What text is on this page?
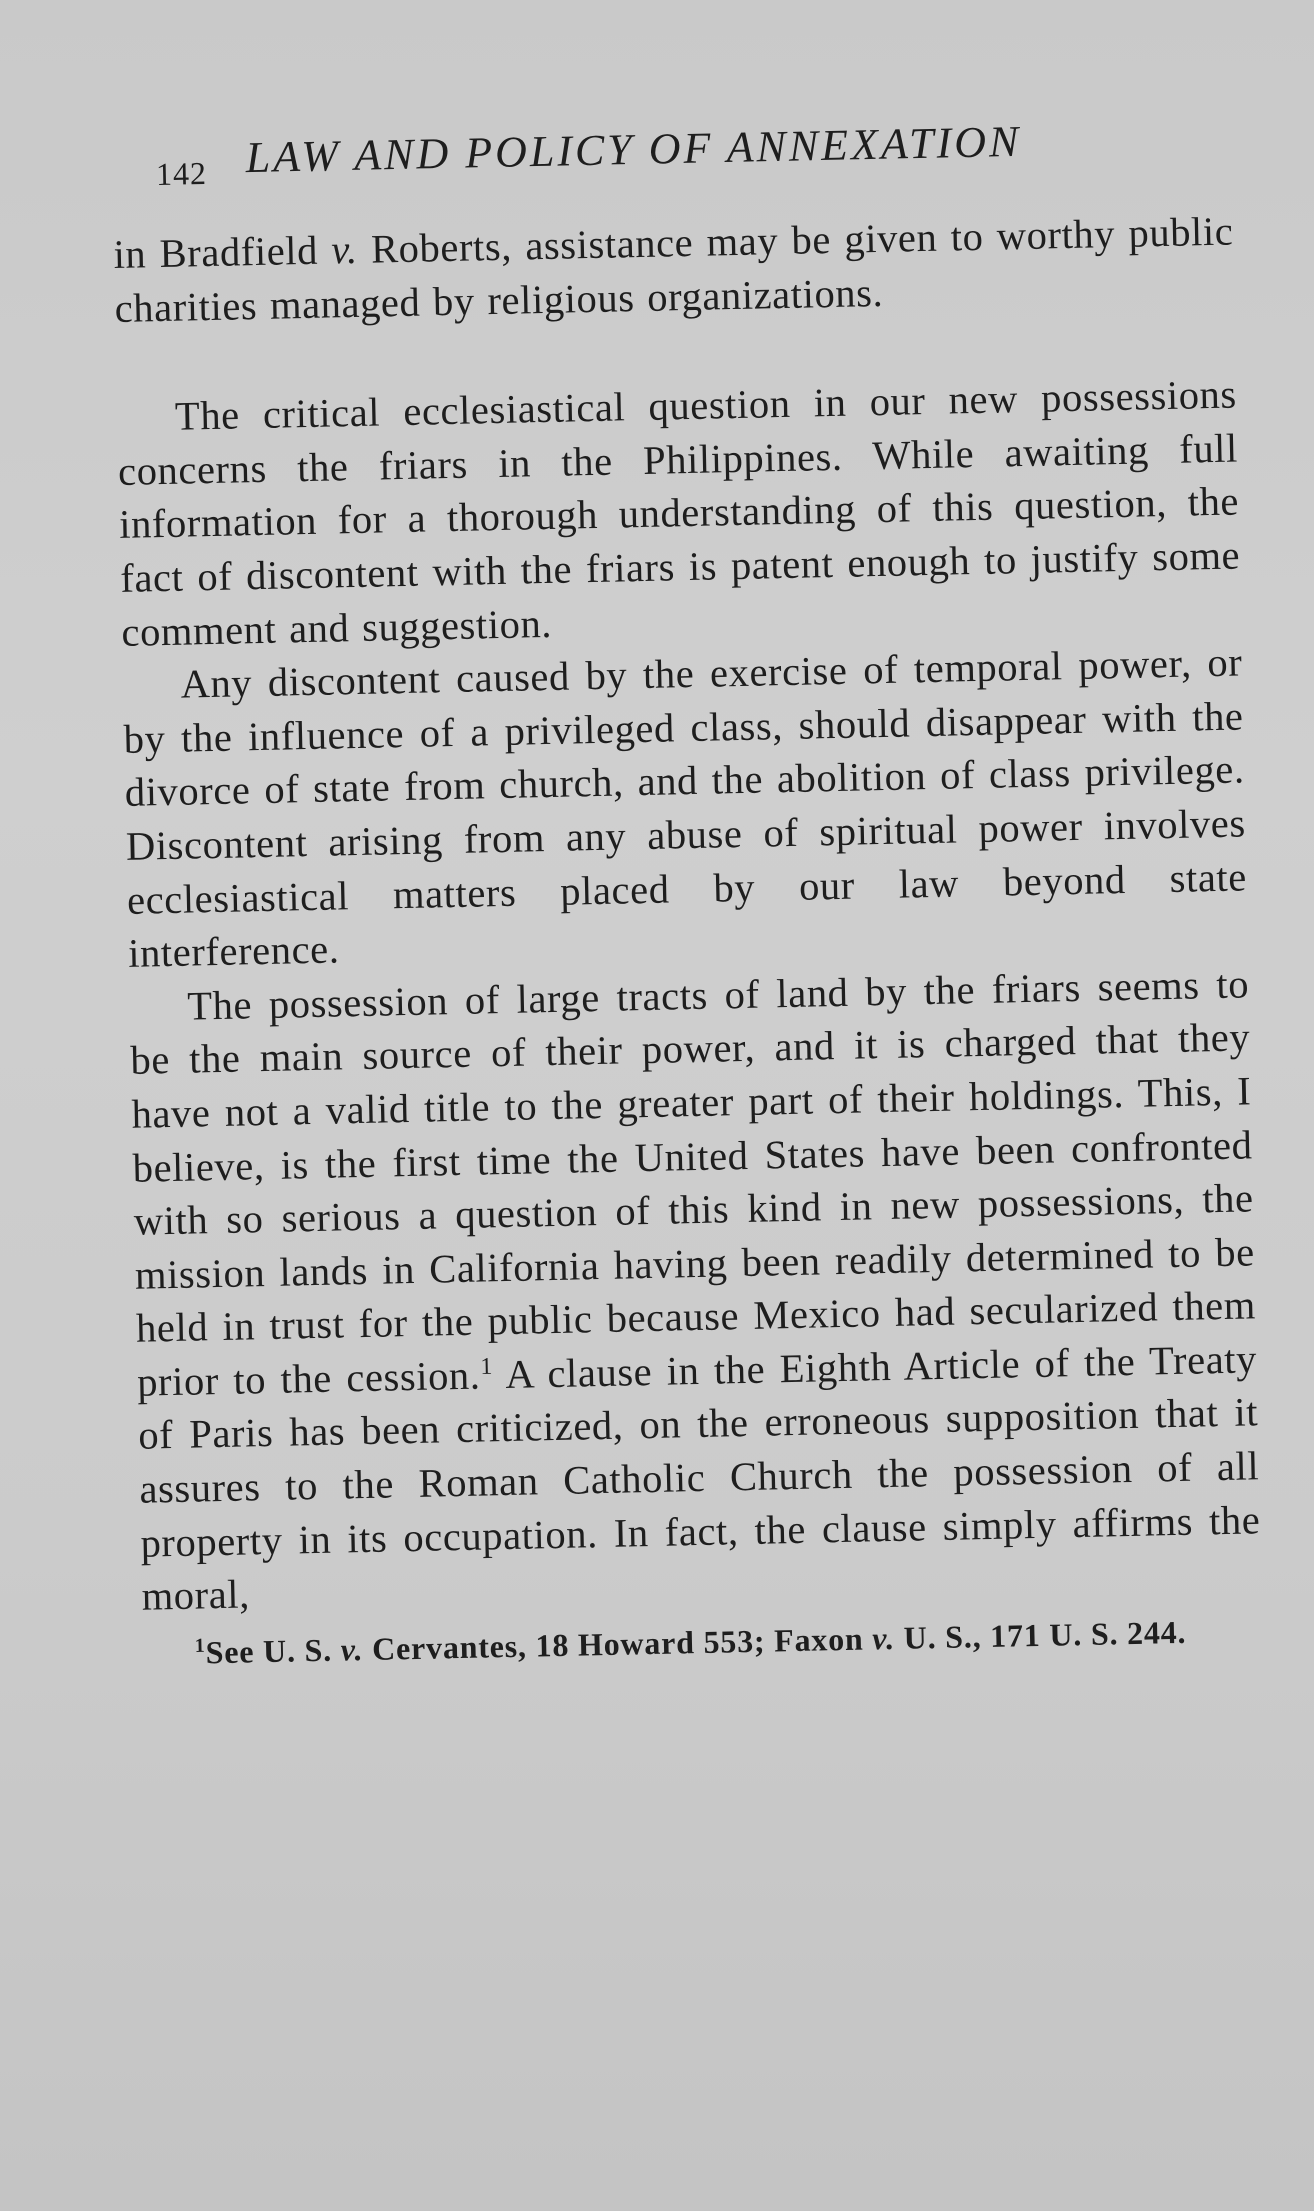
142 LAW AND POLICY OF ANNEXATION

in Bradfield v. Roberts, assistance may be given to worthy public charities managed by religious organizations.

The critical ecclesiastical question in our new possessions concerns the friars in the Philippines. While awaiting full information for a thorough understanding of this question, the fact of discontent with the friars is patent enough to justify some comment and suggestion.

Any discontent caused by the exercise of temporal power, or by the influence of a privileged class, should disappear with the divorce of state from church, and the abolition of class privilege. Discontent arising from any abuse of spiritual power involves ecclesiastical matters placed by our law beyond state interference.

The possession of large tracts of land by the friars seems to be the main source of their power, and it is charged that they have not a valid title to the greater part of their holdings. This, I believe, is the first time the United States have been confronted with so serious a question of this kind in new possessions, the mission lands in California having been readily determined to be held in trust for the public because Mexico had secularized them prior to the cession.$^1$ A clause in the Eighth Article of the Treaty of Paris has been criticized, on the erroneous supposition that it assures to the Roman Catholic Church the possession of all property in its occupation. In fact, the clause simply affirms the moral,

$^1$See U. S. v. Cervantes, 18 Howard 553; Faxon v. U. S., 171 U. S. 244.
